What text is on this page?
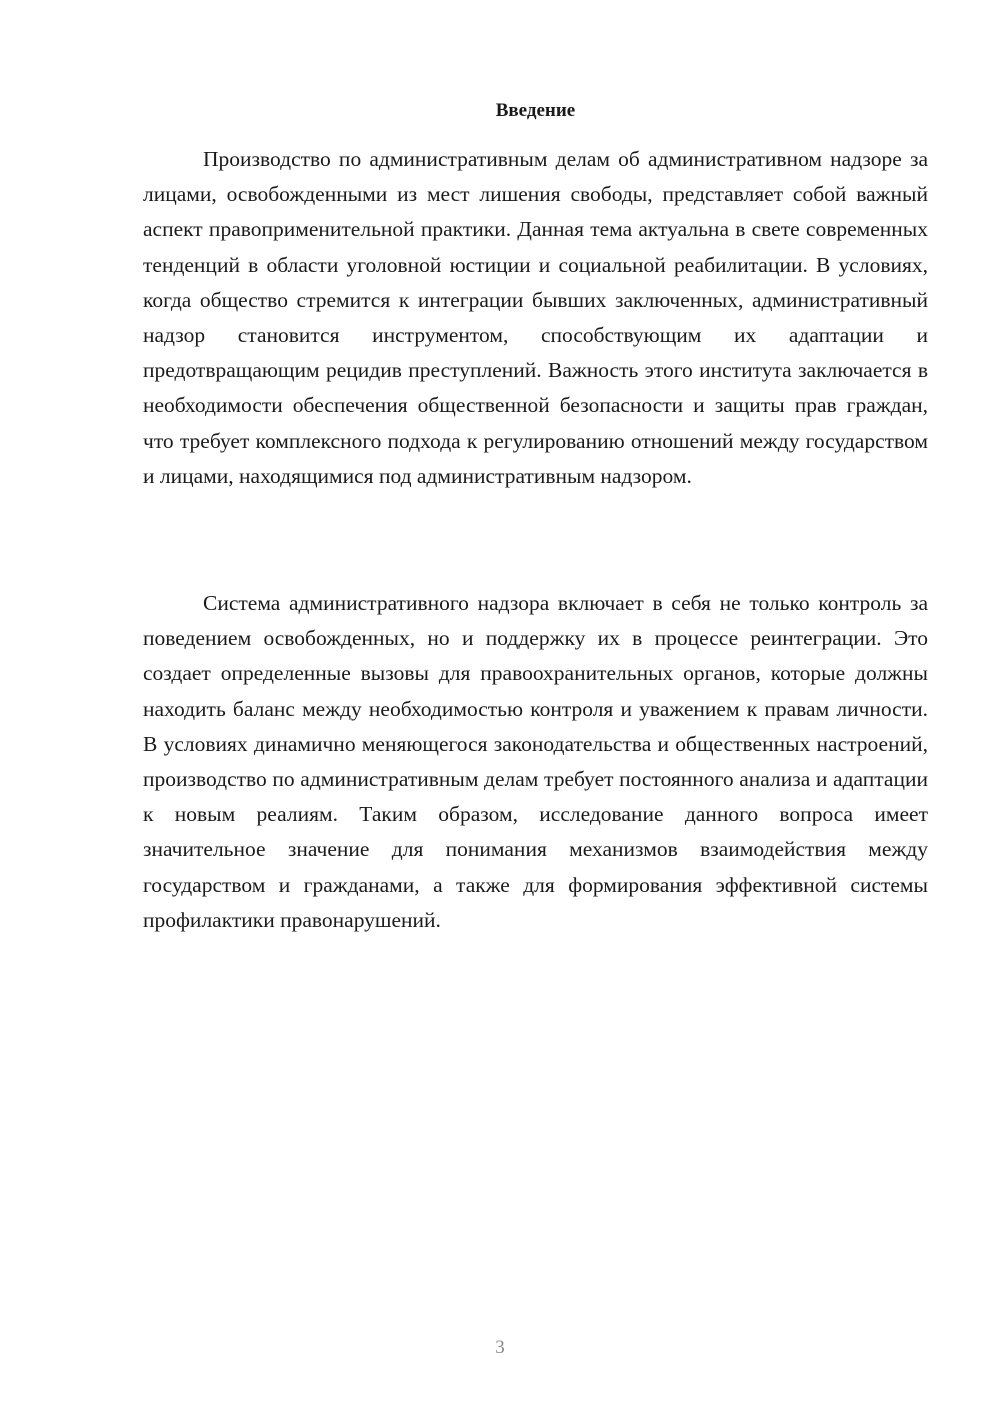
Введение

Производство по административным делам об административном надзоре за лицами, освобожденными из мест лишения свободы, представляет собой важный аспект правоприменительной практики. Данная тема актуальна в свете современных тенденций в области уголовной юстиции и социальной реабилитации. В условиях, когда общество стремится к интеграции бывших заключенных, административный надзор становится инструментом, способствующим их адаптации и предотвращающим рецидив преступлений. Важность этого института заключается в необходимости обеспечения общественной безопасности и защиты прав граждан, что требует комплексного подхода к регулированию отношений между государством и лицами, находящимися под административным надзором.

Система административного надзора включает в себя не только контроль за поведением освобожденных, но и поддержку их в процессе реинтеграции. Это создает определенные вызовы для правоохранительных органов, которые должны находить баланс между необходимостью контроля и уважением к правам личности. В условиях динамично меняющегося законодательства и общественных настроений, производство по административным делам требует постоянного анализа и адаптации к новым реалиям. Таким образом, исследование данного вопроса имеет значительное значение для понимания механизмов взаимодействия между государством и гражданами, а также для формирования эффективной системы профилактики правонарушений.

3
